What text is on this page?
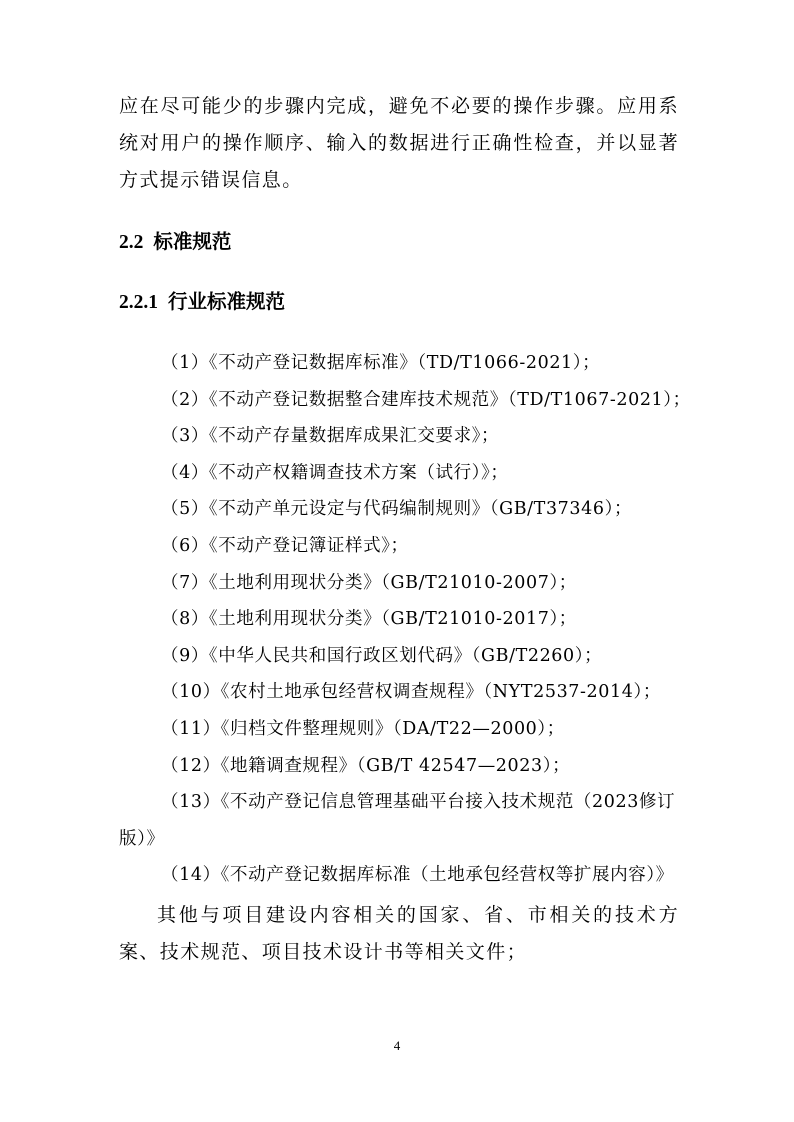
应在尽可能少的步骤内完成，避免不必要的操作步骤。应用系统对用户的操作顺序、输入的数据进行正确性检查，并以显著方式提示错误信息。

2.2 标准规范
2.2.1 行业标准规范
（1）《不动产登记数据库标准》（TD/T1066-2021）；
（2）《不动产登记数据整合建库技术规范》（TD/T1067-2021）；
（3）《不动产存量数据库成果汇交要求》；
（4）《不动产权籍调查技术方案（试行）》；
（5）《不动产单元设定与代码编制规则》（GB/T37346）；
（6）《不动产登记簿证样式》；
（7）《土地利用现状分类》（GB/T21010-2007）；
（8）《土地利用现状分类》（GB/T21010-2017）；
（9）《中华人民共和国行政区划代码》（GB/T2260）；
（10）《农村土地承包经营权调查规程》（NYT2537-2014）；
（11）《归档文件整理规则》（DA/T22—2000）；
（12）《地籍调查规程》（GB/T 42547—2023）；
（13）《不动产登记信息管理基础平台接入技术规范（2023修订版）》
（14）《不动产登记数据库标准（土地承包经营权等扩展内容）》

其他与项目建设内容相关的国家、省、市相关的技术方案、技术规范、项目技术设计书等相关文件；

4
